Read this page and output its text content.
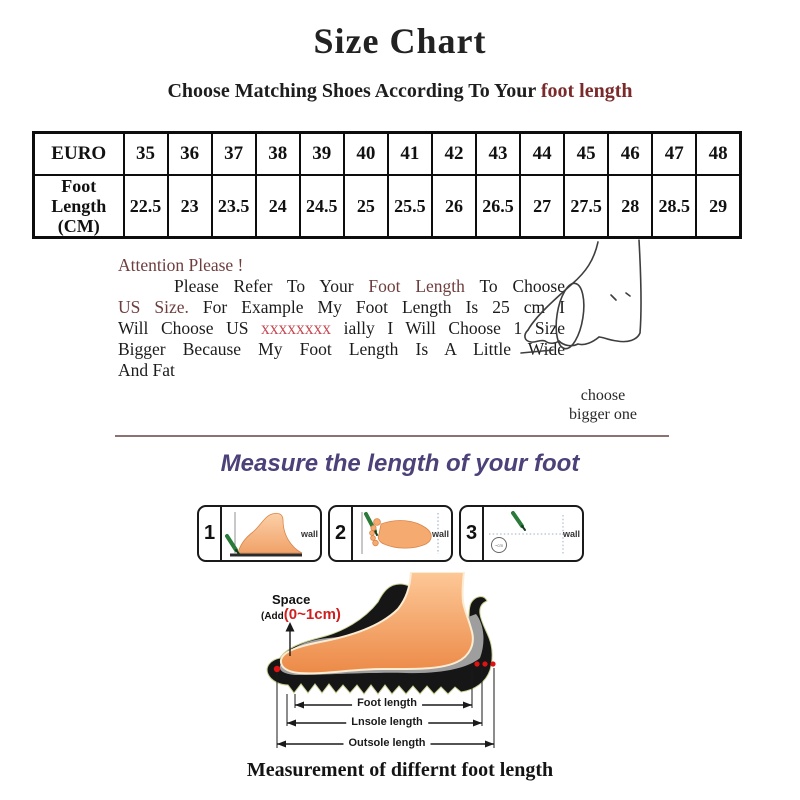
Size Chart
Choose Matching Shoes According To Your foot length
EURO	35	36	37	38	39	40	41	42	43	44	45	46	47	48

Foot
Length
(CM)	22.5	23	23.5	24	24.5	25	25.5	26	26.5	27	27.5	28	28.5	29
Attention Please !
Please Refer To Your Foot Length To Choose
US Size. For Example My Foot Length Is 25 cm I
Will Choose US xxxxxxxx ially I Will Choose 1 Size
Bigger Because My Foot Length Is A Little Wide
And Fat
choose
bigger one
Measure the length of your foot
1	wall 2	wall 3
~cm
wall
Space
(Add(0~1cm)
Foot length
Lnsole length
Outsole length
Measurement of differnt foot length
